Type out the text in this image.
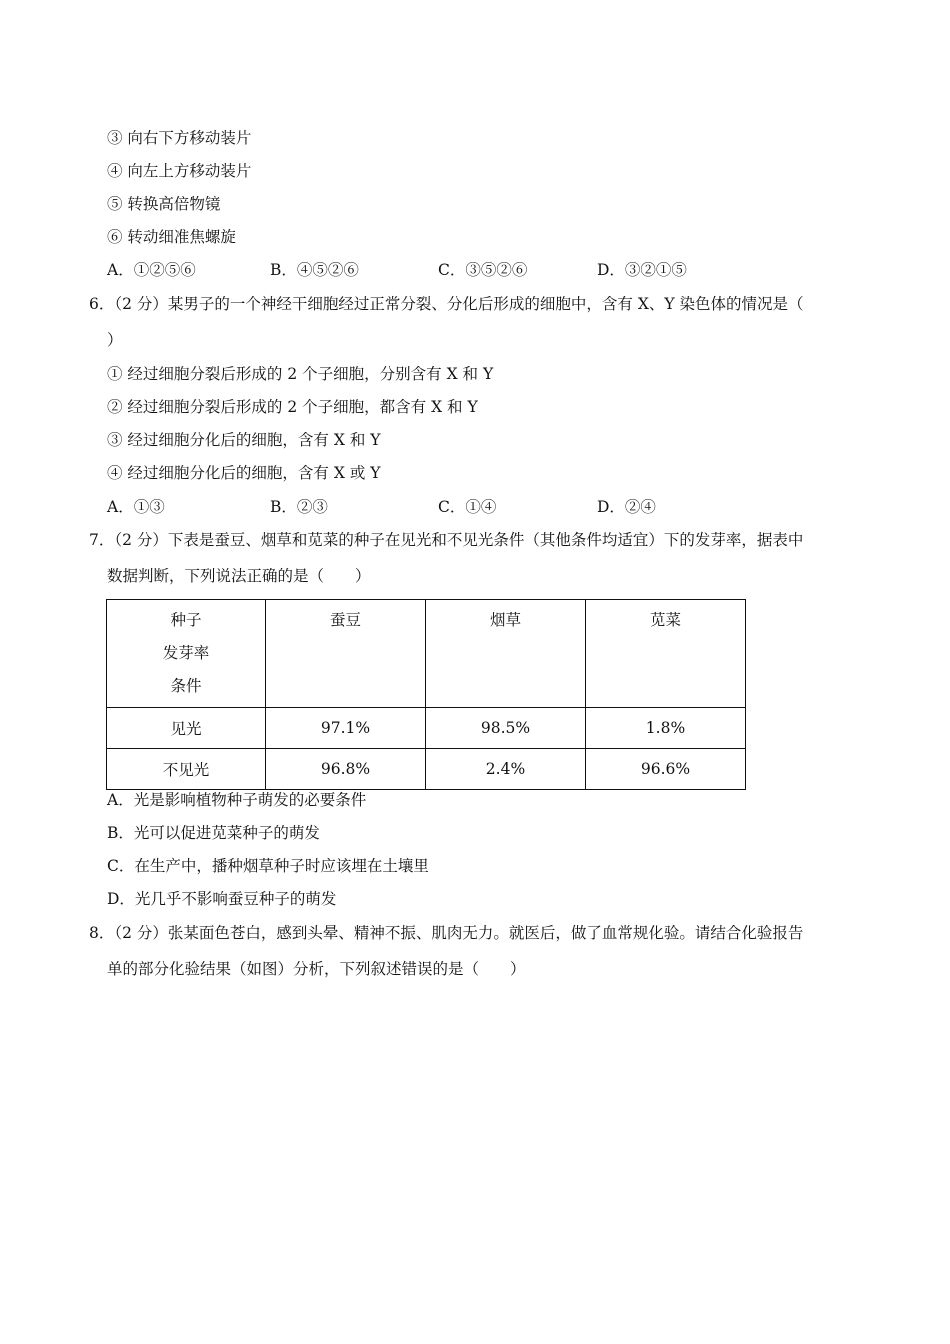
③ 向右下方移动装片
④ 向左上方移动装片
⑤ 转换高倍物镜
⑥ 转动细准焦螺旋
A．①②⑤⑥	B．④⑤②⑥	C．③⑤②⑥	D．③②①⑤
6．（2 分）某男子的一个神经干细胞经过正常分裂、分化后形成的细胞中，含有 X、Y 染色体的情况是（
）
① 经过细胞分裂后形成的 2 个子细胞，分别含有 X 和 Y
② 经过细胞分裂后形成的 2 个子细胞，都含有 X 和 Y
③ 经过细胞分化后的细胞，含有 X 和 Y
④ 经过细胞分化后的细胞，含有 X 或 Y
A．①③	B．②③	C．①④	D．②④
7．（2 分）下表是蚕豆、烟草和苋菜的种子在见光和不见光条件（其他条件均适宜）下的发芽率，据表中
数据判断，下列说法正确的是（　　）
种子
发芽率
条件	蚕豆	烟草	苋菜

见光	97.1%	98.5%	1.8%
不见光	96.8%	2.4%	96.6%
A．光是影响植物种子萌发的必要条件
B．光可以促进苋菜种子的萌发
C．在生产中，播种烟草种子时应该埋在土壤里
D．光几乎不影响蚕豆种子的萌发
8．（2 分）张某面色苍白，感到头晕、精神不振、肌肉无力。就医后，做了血常规化验。请结合化验报告
单的部分化验结果（如图）分析，下列叙述错误的是（　　）
